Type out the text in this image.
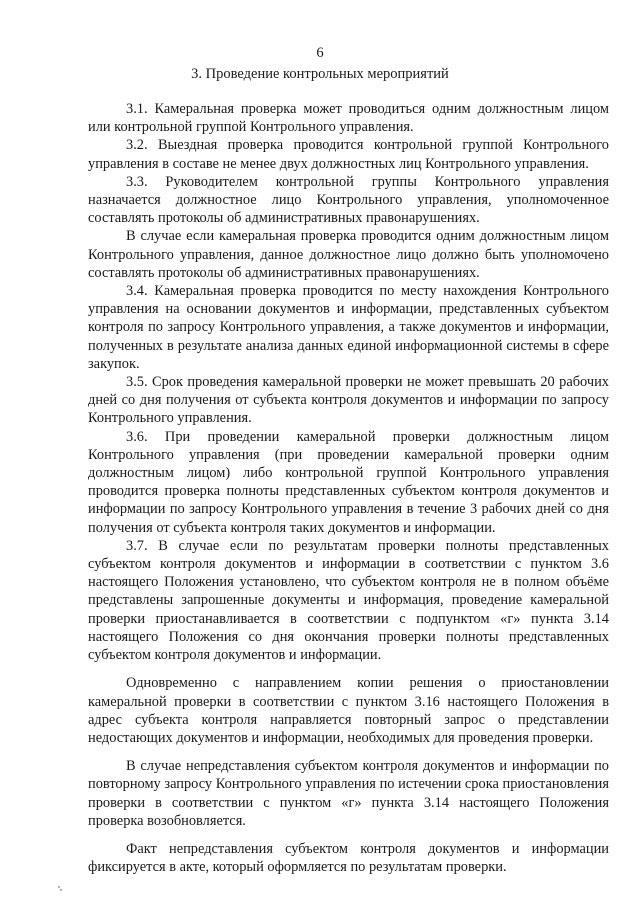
6
3. Проведение контрольных мероприятий

3.1. Камеральная проверка может проводиться одним должностным лицом или контрольной группой Контрольного управления.

3.2. Выездная проверка проводится контрольной группой Контрольного управления в составе не менее двух должностных лиц Контрольного управления.

3.3. Руководителем контрольной группы Контрольного управления назначается должностное лицо Контрольного управления, уполномоченное составлять протоколы об административных правонарушениях.

В случае если камеральная проверка проводится одним должностным лицом Контрольного управления, данное должностное лицо должно быть уполномочено составлять протоколы об административных правонарушениях.

3.4. Камеральная проверка проводится по месту нахождения Контрольного управления на основании документов и информации, представленных субъектом контроля по запросу Контрольного управления, а также документов и информации, полученных в результате анализа данных единой информационной системы в сфере закупок.

3.5. Срок проведения камеральной проверки не может превышать 20 рабочих дней со дня получения от субъекта контроля документов и информации по запросу Контрольного управления.

3.6. При проведении камеральной проверки должностным лицом Контрольного управления (при проведении камеральной проверки одним должностным лицом) либо контрольной группой Контрольного управления проводится проверка полноты представленных субъектом контроля документов и информации по запросу Контрольного управления в течение 3 рабочих дней со дня получения от субъекта контроля таких документов и информации.

3.7. В случае если по результатам проверки полноты представленных субъектом контроля документов и информации в соответствии с пунктом 3.6 настоящего Положения установлено, что субъектом контроля не в полном объёме представлены запрошенные документы и информация, проведение камеральной проверки приостанавливается в соответствии с подпунктом «г» пункта 3.14 настоящего Положения со дня окончания проверки полноты представленных субъектом контроля документов и информации.

Одновременно с направлением копии решения о приостановлении камеральной проверки в соответствии с пунктом 3.16 настоящего Положения в адрес субъекта контроля направляется повторный запрос о представлении недостающих документов и информации, необходимых для проведения проверки.

В случае непредставления субъектом контроля документов и информации по повторному запросу Контрольного управления по истечении срока приостановления проверки в соответствии с пунктом «г» пункта 3.14 настоящего Положения проверка возобновляется.

Факт непредставления субъектом контроля документов и информации фиксируется в акте, который оформляется по результатам проверки.
